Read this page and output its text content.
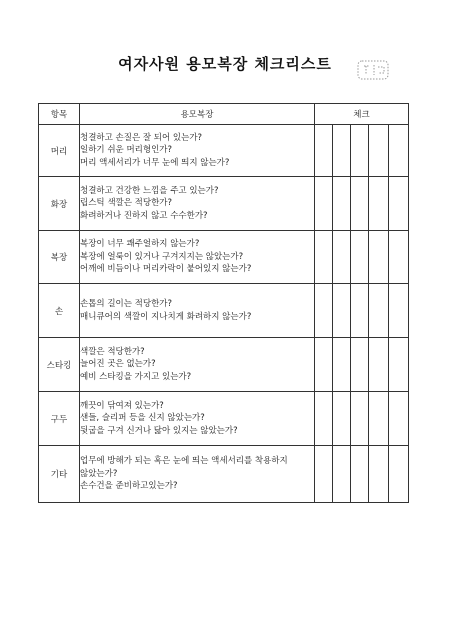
여자사원 용모복장 체크리스트
항목	용모복장	체크				
머리	청결하고 손질은 잘 되어 있는가?
일하기 쉬운 머리형인가?
머리 액세서리가 너무 눈에 띄지 않는가?					

화장	청결하고 건강한 느낌을 주고 있는가?
립스틱 색깔은 적당한가?
화려하거나 진하지 않고 수수한가?					

복장	복장이 너무 쾌주얼하지 않는가?
복장에 얼룩이 있거나 구겨지지는 않았는가?
어깨에 비듬이나 머리카락이 붙어있지 않는가?					

손	손톱의 길이는 적당한가?
매니큐어의 색깔이 지나치게 화려하지 않는가?					

스타킹	색깔은 적당한가?
늘어진 곳은 없는가?
예비 스타킹을 가지고 있는가?					

구두	깨끗이 닦여져 있는가?
샌들, 슬리퍼 등을 신지 않았는가?
뒷굽을 구겨 신거나 닳아 있지는 않았는가?					

기타	업무에 방해가 되는 혹은 눈에 띄는 액세서리를 착용하지
않았는가?
손수건을 준비하고있는가?					
